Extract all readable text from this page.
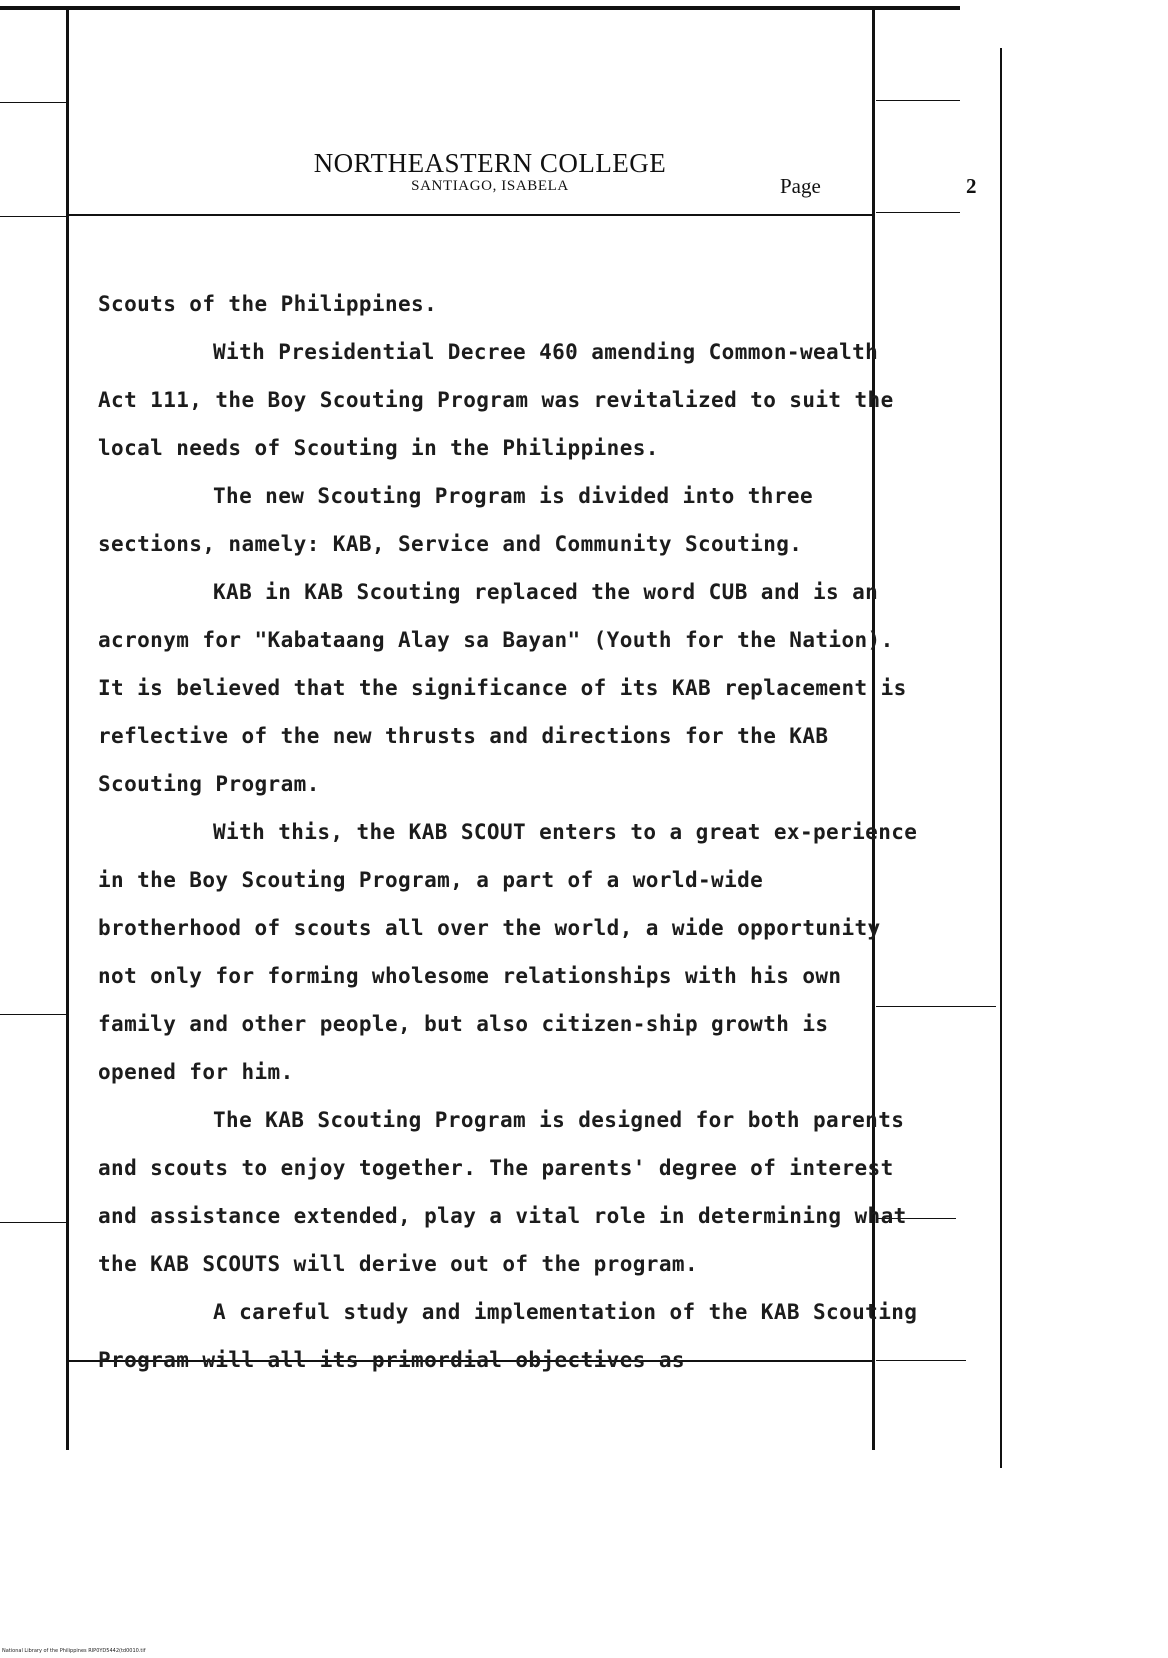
NORTHEASTERN COLLEGE
SANTIAGO, ISABELA	Page	2

Scouts of the Philippines.

With Presidential Decree 460 amending Common-wealth Act 111, the Boy Scouting Program was revitalized to suit the local needs of Scouting in the Philippines.

The new Scouting Program is divided into three sections, namely: KAB, Service and Community Scouting.

KAB in KAB Scouting replaced the word CUB and is an acronym for "Kabataang Alay sa Bayan" (Youth for the Nation). It is believed that the significance of its KAB replacement is reflective of the new thrusts and directions for the KAB Scouting Program.

With this, the KAB SCOUT enters to a great ex-perience in the Boy Scouting Program, a part of a world-wide brotherhood of scouts all over the world, a wide opportunity not only for forming wholesome relationships with his own family and other people, but also citizen-ship growth is opened for him.

The KAB Scouting Program is designed for both parents and scouts to enjoy together. The parents' degree of interest and assistance extended, play a vital role in determining what the KAB SCOUTS will derive out of the program.

A careful study and implementation of the KAB Scouting Program will all its primordial objectives as

National Library of the Philippines RIP0YD5442(td0010.tif
